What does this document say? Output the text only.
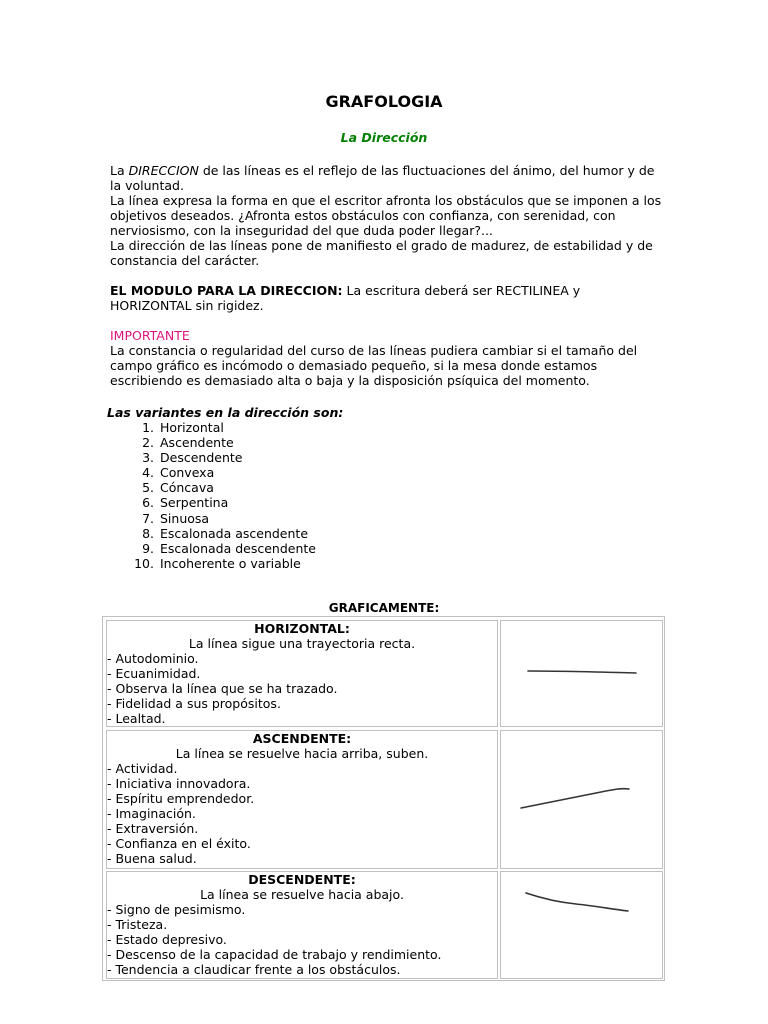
GRAFOLOGIA
La Dirección

La DIRECCION de las líneas es el reflejo de las fluctuaciones del ánimo, del humor y de la voluntad.

La línea expresa la forma en que el escritor afronta los obstáculos que se imponen a los objetivos deseados. ¿Afronta estos obstáculos con confianza, con serenidad, con nerviosismo, con la inseguridad del que duda poder llegar?...

La dirección de las líneas pone de manifiesto el grado de madurez, de estabilidad y de constancia del carácter.

EL MODULO PARA LA DIRECCION: La escritura deberá ser RECTILINEA y HORIZONTAL sin rigidez.

IMPORTANTE

La constancia o regularidad del curso de las líneas pudiera cambiar si el tamaño del campo gráfico es incómodo o demasiado pequeño, si la mesa donde estamos escribiendo es demasiado alta o baja y la disposición psíquica del momento.

Las variantes en la dirección son:
1. Horizontal
2. Ascendente
3. Descendente
4. Convexa
5. Cóncava
6. Serpentina
7. Sinuosa
8. Escalonada ascendente
9. Escalonada descendente
10. Incoherente o variable
GRAFICAMENTE:
HORIZONTAL:
La línea sigue una trayectoria recta.
- Autodominio.
- Ecuanimidad.
- Observa la línea que se ha trazado.
- Fidelidad a sus propósitos.
- Lealtad.
ASCENDENTE:
La línea se resuelve hacia arriba, suben.
- Actividad.
- Iniciativa innovadora.
- Espíritu emprendedor.
- Imaginación.
- Extraversión.
- Confianza en el éxito.
- Buena salud.
DESCENDENTE:
La línea se resuelve hacia abajo.
- Signo de pesimismo.
- Tristeza.
- Estado depresivo.
- Descenso de la capacidad de trabajo y rendimiento.
- Tendencia a claudicar frente a los obstáculos.
